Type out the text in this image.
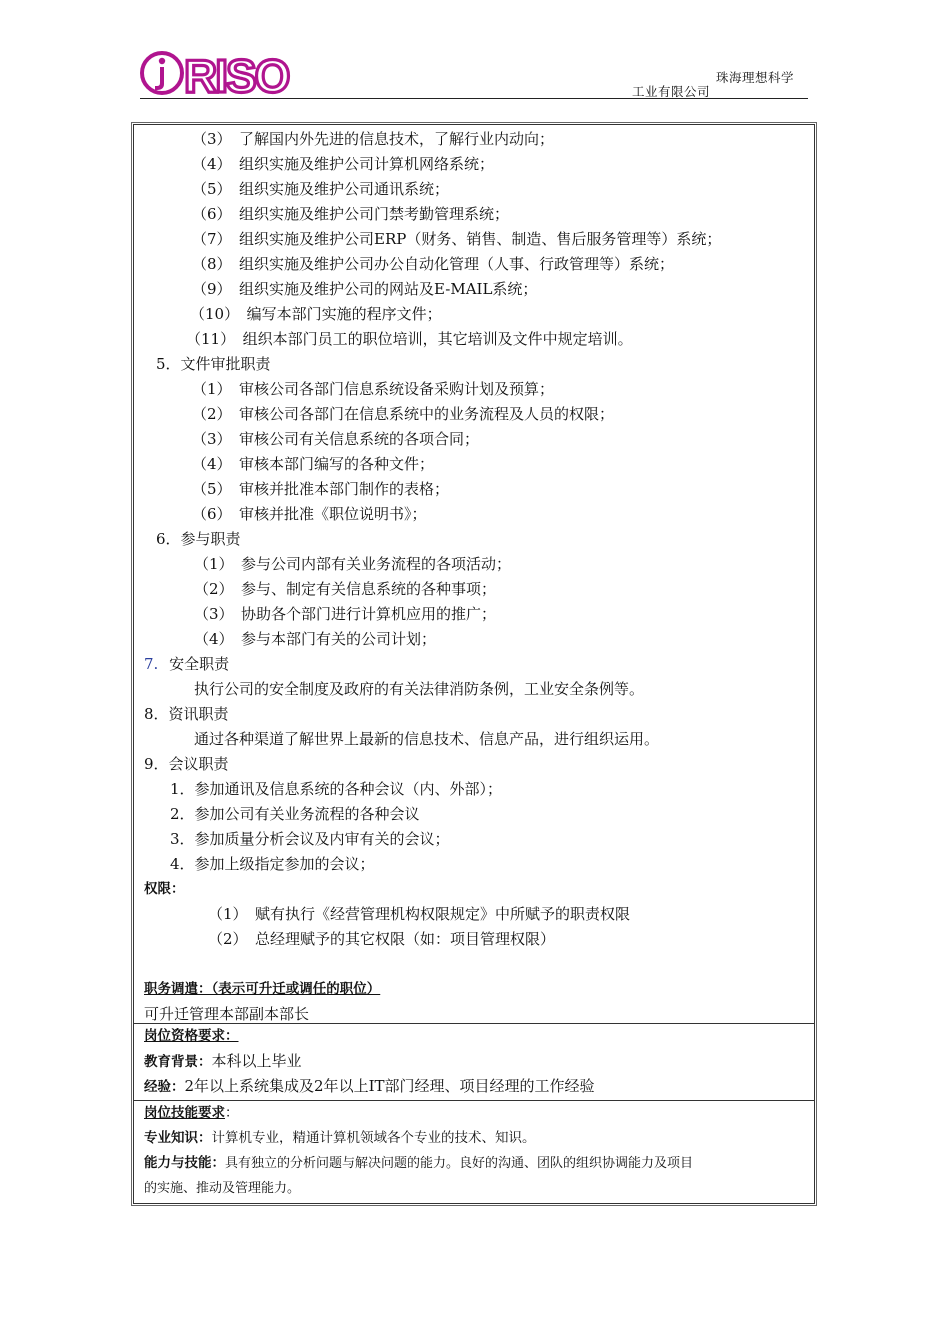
RISO	珠海理想科学
工业有限公司
（3）　了解国内外先进的信息技术，了解行业内动向；
（4）　组织实施及维护公司计算机网络系统；
（5）　组织实施及维护公司通讯系统；
（6）　组织实施及维护公司门禁考勤管理系统；
（7）　组织实施及维护公司ERP（财务、销售、制造、售后服务管理等）系统；
（8）　组织实施及维护公司办公自动化管理（人事、行政管理等）系统；
（9）　组织实施及维护公司的网站及E-MAIL系统；
（10）　编写本部门实施的程序文件；
（11）　组织本部门员工的职位培训，其它培训及文件中规定培训。
5．文件审批职责
（1）　审核公司各部门信息系统设备采购计划及预算；
（2）　审核公司各部门在信息系统中的业务流程及人员的权限；
（3）　审核公司有关信息系统的各项合同；
（4）　审核本部门编写的各种文件；
（5）　审核并批准本部门制作的表格；
（6）　审核并批准《职位说明书》；
6．参与职责
（1）　参与公司内部有关业务流程的各项活动；
（2）　参与、制定有关信息系统的各种事项；
（3）　协助各个部门进行计算机应用的推广；
（4）　参与本部门有关的公司计划；
7. 安全职责
执行公司的安全制度及政府的有关法律消防条例，工业安全条例等。
8．资讯职责
通过各种渠道了解世界上最新的信息技术、信息产品，进行组织运用。
9．会议职责
1．参加通讯及信息系统的各种会议（内、外部）；
2．参加公司有关业务流程的各种会议
3．参加质量分析会议及内审有关的会议；
4．参加上级指定参加的会议；
权限：
（1）　赋有执行《经营管理机构权限规定》中所赋予的职责权限
（2）　总经理赋予的其它权限（如：项目管理权限）
职务调遣：（表示可升迁或调任的职位）
可升迁管理本部副本部长
岗位资格要求：
教育背景：本科以上毕业
经验：2年以上系统集成及2年以上IT部门经理、项目经理的工作经验
岗位技能要求：
专业知识：计算机专业，精通计算机领域各个专业的技术、知识。
能力与技能：具有独立的分析问题与解决问题的能力。良好的沟通、团队的组织协调能力及项目
的实施、推动及管理能力。
